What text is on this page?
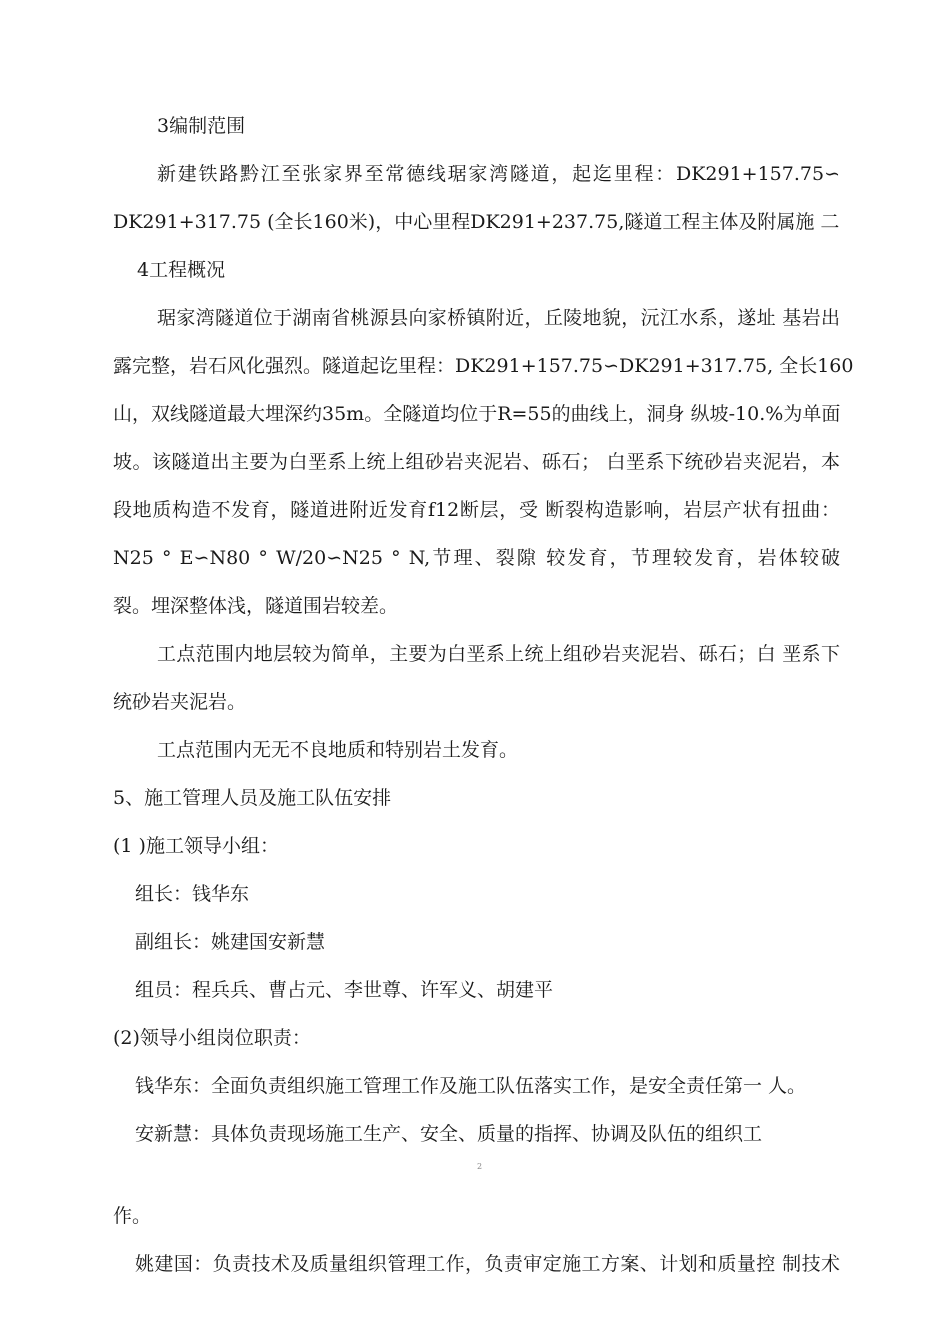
3编制范围
新建铁路黔江至张家界至常德线琚家湾隧道，起迄里程：DK291+157.75∽
DK291+317.75 (全长160米)，中心里程DK291+237.75,隧道工程主体及附属施 二
4工程概况
琚家湾隧道位于湖南省桃源县向家桥镇附近，丘陵地貌，沅江水系，遂址 基岩出
露完整，岩石风化强烈。隧道起讫里程：DK291+157.75∽DK291+317.75, 全长160
山，双线隧道最大埋深约35m。全隧道均位于R=55的曲线上，洞身 纵坡-10.%为单面
坡。该隧道出主要为白垩系上统上组砂岩夹泥岩、砾石； 白垩系下统砂岩夹泥岩，本
段地质构造不发育，隧道进附近发育f12断层，受 断裂构造影响，岩层产状有扭曲：
N25 ° E∽N80 ° W/20∽N25 ° N,节理、裂隙 较发育，节理较发育，岩体较破
裂。埋深整体浅，隧道围岩较差。
工点范围内地层较为简单，主要为白垩系上统上组砂岩夹泥岩、砾石；白 垩系下
统砂岩夹泥岩。
工点范围内无无不良地质和特别岩土发育。
5、施工管理人员及施工队伍安排
(1 )施工领导小组：
组长：钱华东
副组长：姚建国安新慧
组员：程兵兵、曹占元、李世尊、许军义、胡建平
(2)领导小组岗位职责：
钱华东：全面负责组织施工管理工作及施工队伍落实工作，是安全责任第一 人。
安新慧：具体负责现场施工生产、安全、质量的指挥、协调及队伍的组织工
2
作。
姚建国：负责技术及质量组织管理工作，负责审定施工方案、计划和质量控 制技术
